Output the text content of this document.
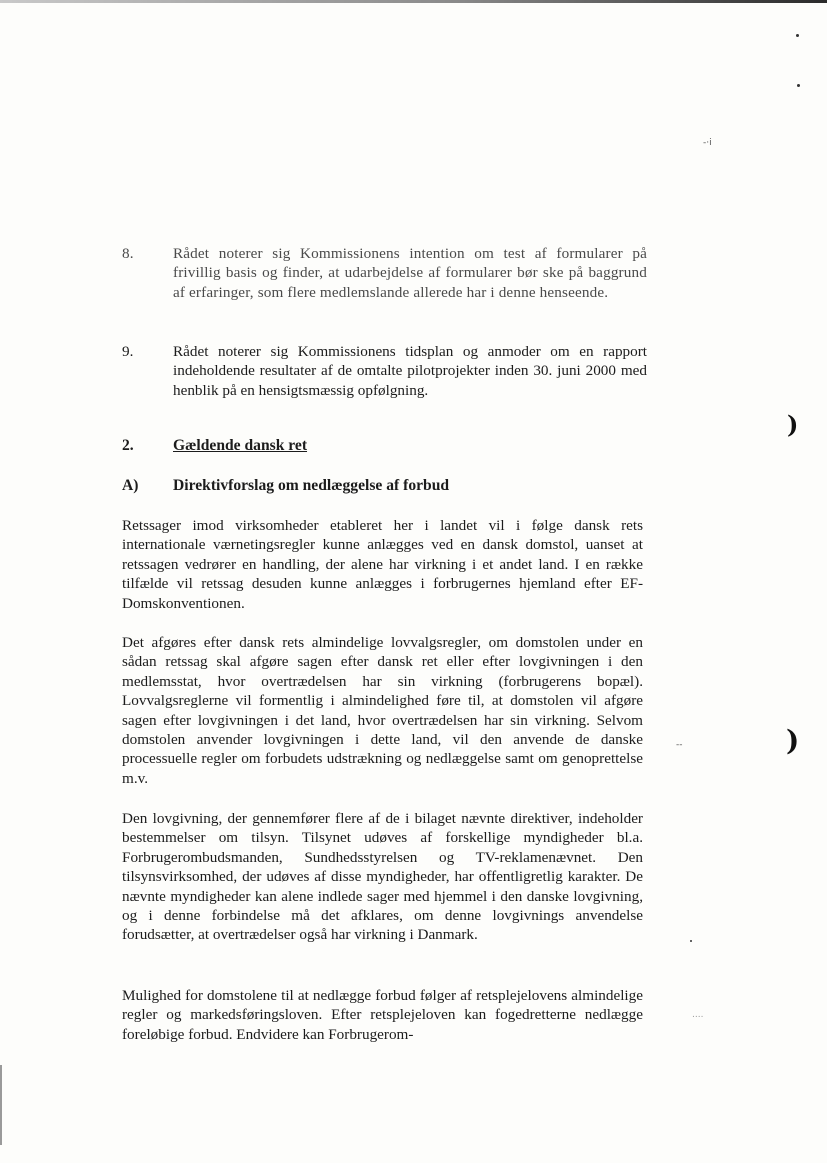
-·i
)
)
--
....
8.	Rådet noterer sig Kommissionens intention om test af formularer på frivillig basis og finder, at udarbejdelse af formularer bør ske på baggrund af erfaringer, som flere medlemslande allerede har i denne henseende.
9.	Rådet noterer sig Kommissionens tidsplan og anmoder om en rapport indeholdende resultater af de omtalte pilotprojekter inden 30. juni 2000 med henblik på en hensigtsmæssig opfølgning.
2.	Gældende dansk ret
A) Direktivforslag om nedlæggelse af forbud

Retssager imod virksomheder etableret her i landet vil i følge dansk rets internationale værnetingsregler kunne anlægges ved en dansk domstol, uanset at retssagen vedrører en handling, der alene har virkning i et andet land. I en række tilfælde vil retssag desuden kunne anlægges i forbrugernes hjemland efter EF-Domskonventionen.

Det afgøres efter dansk rets almindelige lovvalgsregler, om domstolen under en sådan retssag skal afgøre sagen efter dansk ret eller efter lovgivningen i den medlemsstat, hvor overtrædelsen har sin virkning (forbrugerens bopæl). Lovvalgsreglerne vil formentlig i almindelighed føre til, at domstolen vil afgøre sagen efter lovgivningen i det land, hvor overtrædelsen har sin virkning. Selvom domstolen anvender lovgivningen i dette land, vil den anvende de danske processuelle regler om forbudets udstrækning og nedlæggelse samt om genoprettelse m.v.

Den lovgivning, der gennemfører flere af de i bilaget nævnte direktiver, indeholder bestemmelser om tilsyn. Tilsynet udøves af forskellige myndigheder bl.a. Forbrugerombudsmanden, Sundhedsstyrelsen og TV-reklamenævnet. Den tilsynsvirksomhed, der udøves af disse myndigheder, har offentligretlig karakter. De nævnte myndigheder kan alene indlede sager med hjemmel i den danske lovgivning, og i denne forbindelse må det afklares, om denne lovgivnings anvendelse forudsætter, at overtrædelser også har virkning i Danmark.

Mulighed for domstolene til at nedlægge forbud følger af retsplejelovens almindelige regler og markedsføringsloven. Efter retsplejeloven kan fogedretterne nedlægge foreløbige forbud. Endvidere kan Forbrugerom-
